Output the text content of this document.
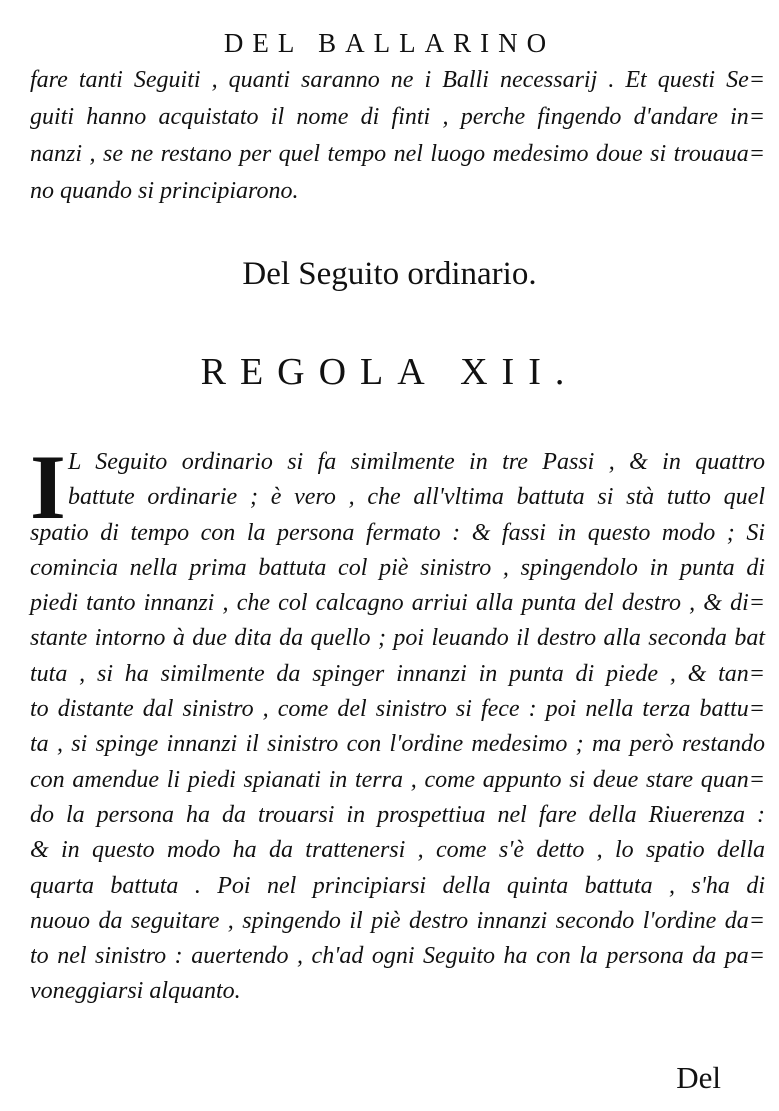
DEL BALLARINO
fare tanti Seguiti , quanti saranno ne i Balli necessarij . Et questi Se=
guiti hanno acquistato il nome di finti , perche fingendo d'andare in=
nanzi , se ne restano per quel tempo nel luogo medesimo doue si trouaua=
no quando si principiarono.
Del Seguito ordinario.
REGOLA XII.
I L Seguito ordinario si fa similmente in tre Passi , & in quattro
battute ordinarie ; è vero , che all'vltima battuta si stà tutto quel
spatio di tempo con la persona fermato : & fassi in questo modo ; Si
comincia nella prima battuta col piè sinistro , spingendolo in punta di
piedi tanto innanzi , che col calcagno arriui alla punta del destro , & di=
stante intorno à due dita da quello ; poi leuando il destro alla seconda bat
tuta , si ha similmente da spinger innanzi in punta di piede , & tan=
to distante dal sinistro , come del sinistro si fece : poi nella terza battu=
ta , si spinge innanzi il sinistro con l'ordine medesimo ; ma però restando
con amendue li piedi spianati in terra , come appunto si deue stare quan=
do la persona ha da trouarsi in prospettiua nel fare della Riuerenza :
& in questo modo ha da trattenersi , come s'è detto , lo spatio della
quarta battuta . Poi nel principiarsi della quinta battuta , s'ha di
nuouo da seguitare , spingendo il piè destro innanzi secondo l'ordine da=
to nel sinistro : auertendo , ch'ad ogni Seguito ha con la persona da pa=
voneggiarsi alquanto.
Del
